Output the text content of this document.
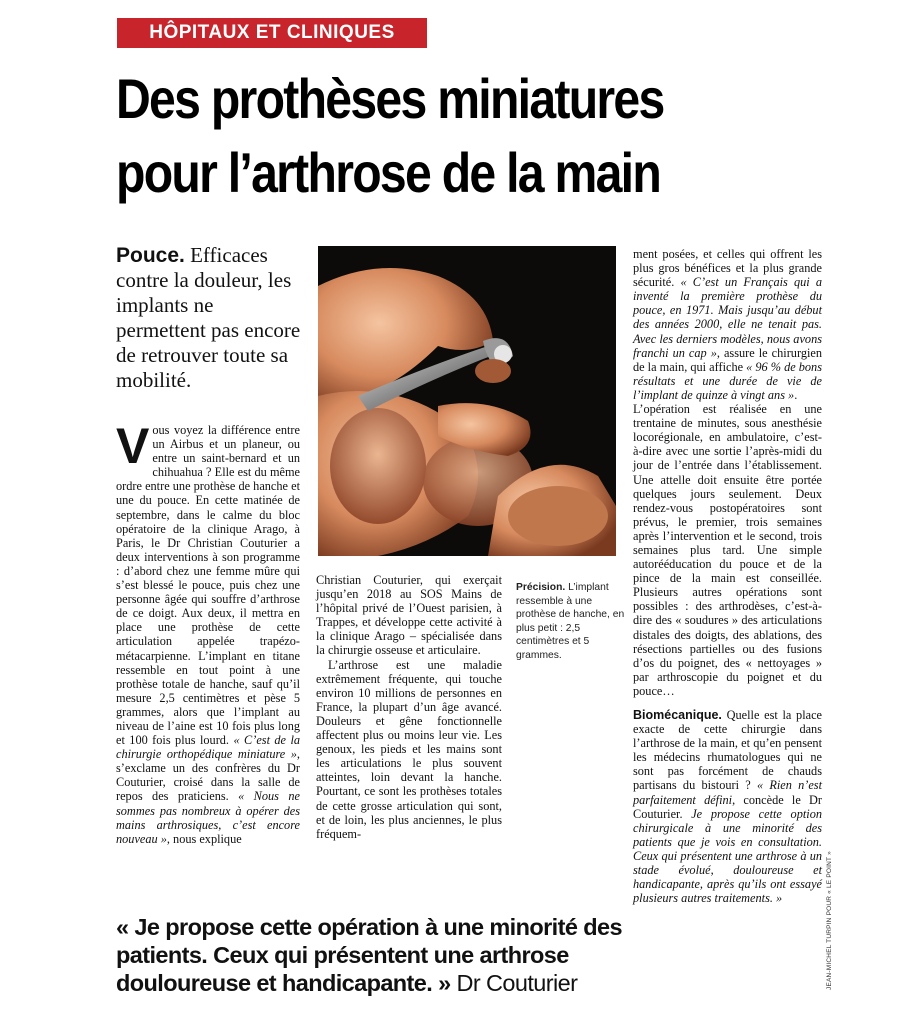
HÔPITAUX ET CLINIQUES
Des prothèses miniatures
pour l’arthrose de la main
Pouce. Efficaces contre la douleur, les implants ne permettent pas encore de retrouver toute sa mobilité.

Vous voyez la différence entre un Airbus et un planeur, ou entre un saint-bernard et un chihuahua ? Elle est du même ordre entre une prothèse de hanche et une du pouce. En cette matinée de septembre, dans le calme du bloc opératoire de la clinique Arago, à Paris, le Dr Christian Couturier a deux interventions à son programme : d’abord chez une femme mûre qui s’est blessé le pouce, puis chez une personne âgée qui souffre d’arthrose de ce doigt. Aux deux, il mettra en place une prothèse de cette articulation appelée trapézo-métacarpienne. L’implant en titane ressemble en tout point à une prothèse totale de hanche, sauf qu’il mesure 2,5 centimètres et pèse 5 grammes, alors que l’implant au niveau de l’aine est 10 fois plus long et 100 fois plus lourd. « C’est de la chirurgie orthopédique miniature », s’exclame un des confrères du Dr Couturier, croisé dans la salle de repos des praticiens. « Nous ne sommes pas nombreux à opérer des mains arthrosiques, c’est encore nouveau », nous explique

Christian Couturier, qui exerçait jusqu’en 2018 au SOS Mains de l’hôpital privé de l’Ouest parisien, à Trappes, et développe cette activité à la clinique Arago – spécialisée dans la chirurgie osseuse et articulaire.

L’arthrose est une maladie extrêmement fréquente, qui touche environ 10 millions de personnes en France, la plupart d’un âge avancé. Douleurs et gêne fonctionnelle affectent plus ou moins leur vie. Les genoux, les pieds et les mains sont les articulations le plus souvent atteintes, loin devant la hanche. Pourtant, ce sont les prothèses totales de cette grosse articulation qui sont, et de loin, les plus anciennes, le plus fréquem-

Précision. L’implant ressemble à une prothèse de hanche, en plus petit : 2,5 centimètres et 5 grammes.

ment posées, et celles qui offrent les plus gros bénéfices et la plus grande sécurité. « C’est un Français qui a inventé la première prothèse du pouce, en 1971. Mais jusqu’au début des années 2000, elle ne tenait pas. Avec les derniers modèles, nous avons franchi un cap », assure le chirurgien de la main, qui affiche « 96 % de bons résultats et une durée de vie de l’implant de quinze à vingt ans ».

L’opération est réalisée en une trentaine de minutes, sous anesthésie locorégionale, en ambulatoire, c’est-à-dire avec une sortie l’après-midi du jour de l’entrée dans l’établissement. Une attelle doit ensuite être portée quelques jours seulement. Deux rendez-vous postopératoires sont prévus, le premier, trois semaines après l’intervention et le second, trois semaines plus tard. Une simple autorééducation du pouce et de la pince de la main est conseillée. Plusieurs autres opérations sont possibles : des arthrodèses, c’est-à-dire des « soudures » des articulations distales des doigts, des ablations, des résections partielles ou des fusions d’os du poignet, des « nettoyages » par arthroscopie du poignet et du pouce…

Biomécanique. Quelle est la place exacte de cette chirurgie dans l’arthrose de la main, et qu’en pensent les médecins rhumatologues qui ne sont pas forcément de chauds partisans du bistouri ? « Rien n’est parfaitement défini, concède le Dr Couturier. Je propose cette option chirurgicale à une minorité des patients que je vois en consultation. Ceux qui présentent une arthrose à un stade évolué, douloureuse et handicapante, après qu’ils ont essayé plusieurs autres traitements. »	JEAN-MICHEL TURPIN POUR « LE POINT »
« Je propose cette opération à une minorité des patients. Ceux qui présentent une arthrose douloureuse et handicapante. » Dr Couturier
